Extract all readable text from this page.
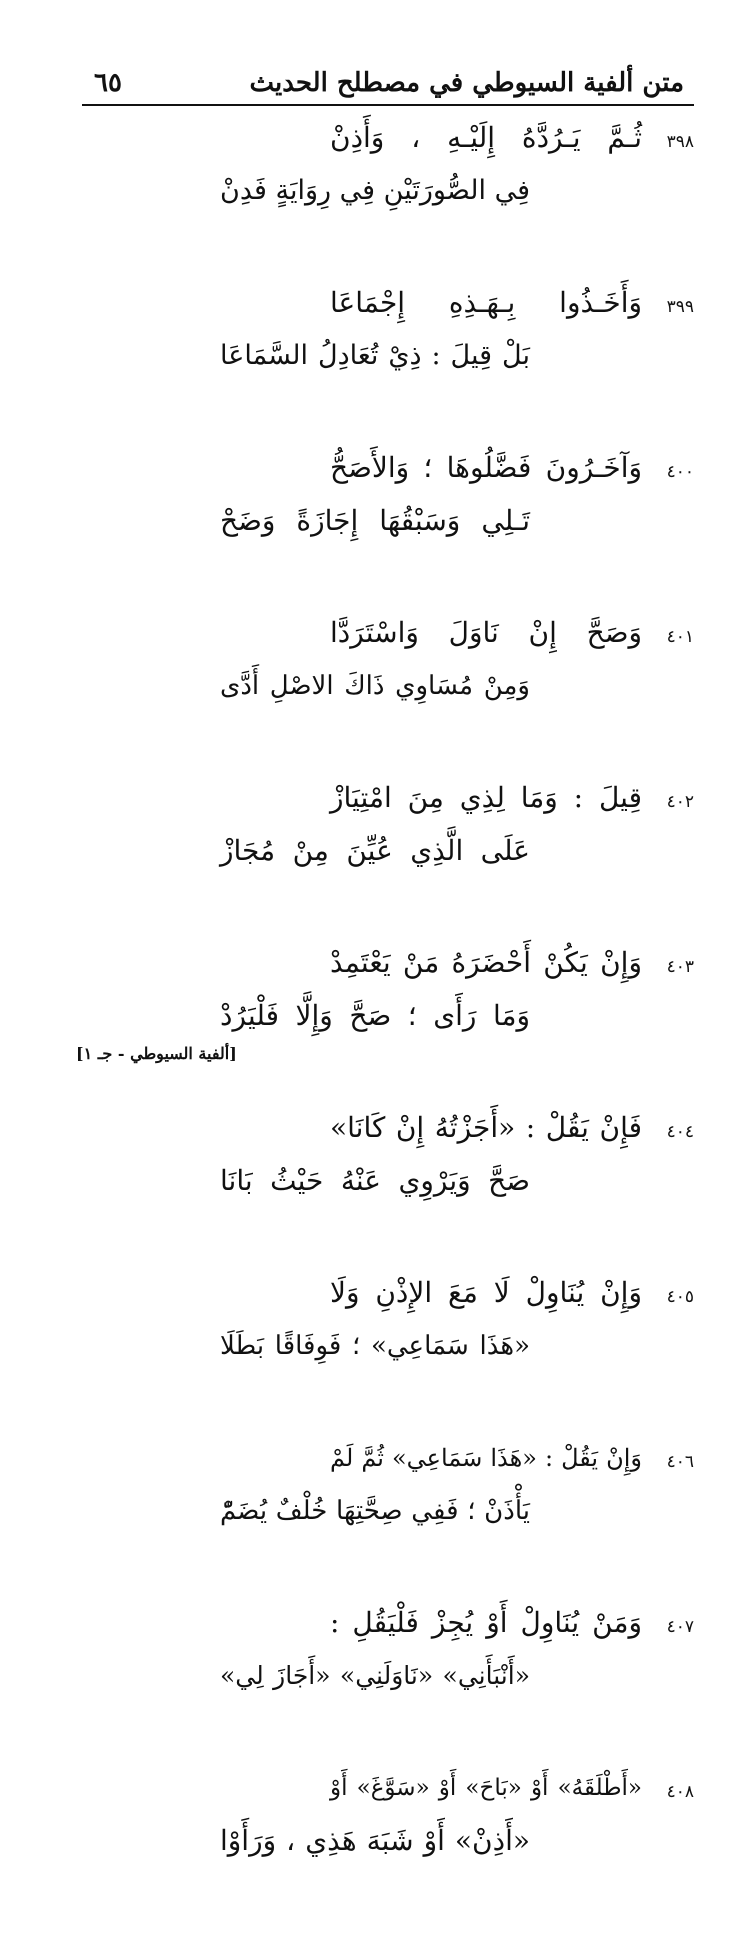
متن ألفية السيوطي في مصطلح الحديث
٦٥
٣٩٨
ثُـمَّ يَـرُدَّهُ إِلَيْـهِ ، وَأَذِنْ
فِي الصُّورَتَيْنِ فِي رِوَايَةٍ فَدِنْ
٣٩٩
وَأَخَـذُوا بِـهَـذِهِ إِجْمَاعَا
بَلْ قِيلَ : ذِيْ تُعَادِلُ السَّمَاعَا
٤٠٠
وَآخَـرُونَ فَضَّلُوهَا ؛ وَالأَصَحُّ
تَـلِي وَسَبْقُهَا إِجَازَةً وَضَحْ
٤٠١
وَصَحَّ إِنْ نَاوَلَ وَاسْتَرَدَّا
وَمِنْ مُسَاوِي ذَاكَ الاصْلِ أَدَّى
٤٠٢
قِيلَ : وَمَا لِذِي مِنَ امْتِيَازْ
عَلَى الَّذِي عُيِّنَ مِنْ مُجَازْ
٤٠٣
وَإِنْ يَكُنْ أَحْضَرَهُ مَنْ يَعْتَمِدْ
وَمَا رَأَى ؛ صَحَّ وَإِلَّا فَلْيَرُدْ
٤٠٤
فَإِنْ يَقُلْ : «أَجَزْتُهُ إِنْ كَانَا»
صَحَّ وَيَرْوِي عَنْهُ حَيْثُ بَانَا
٤٠٥
وَإِنْ يُنَاوِلْ لَا مَعَ الإِذْنِ وَلَا
«هَذَا سَمَاعِي» ؛ فَوِفَاقًا بَطَلَا
٤٠٦
وَإِنْ يَقُلْ : «هَذَا سَمَاعِي» ثُمَّ لَمْ
يَأْذَنْ ؛ فَفِي صِحَّتِهَا خُلْفٌ يُضَمّْ
٤٠٧
وَمَنْ يُنَاوِلْ أَوْ يُجِزْ فَلْيَقُلِ :
«أَنْبَأَنِي» «نَاوَلَنِي» «أَجَازَ لِي»
٤٠٨
«أَطْلَقَهُ» أَوْ «بَاحَ» أَوْ «سَوَّغَ» أَوْ
«أَذِنْ» أَوْ شَبَهَ هَذِي ، وَرَأَوْا
[ألفية السيوطي - جـ ١]
